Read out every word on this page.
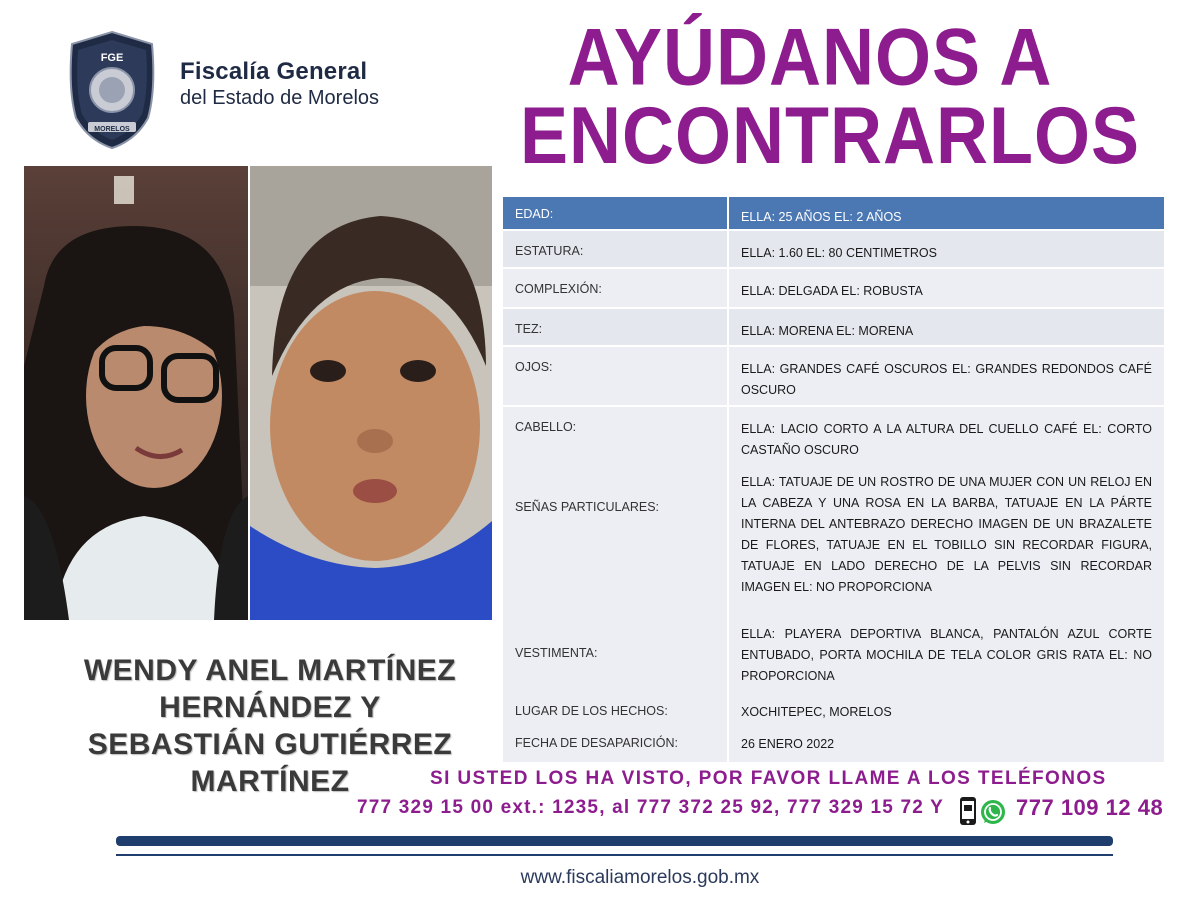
MORELOS
FGE Fiscalía General
del Estado de Morelos	AYÚDANOS A
ENCONTRARLOS
WENDY ANEL MARTÍNEZ
HERNÁNDEZ Y
SEBASTIÁN GUTIÉRREZ
MARTÍNEZ
EDAD:	ELLA: 25 AÑOS EL: 2 AÑOS
ESTATURA:	ELLA: 1.60 EL: 80 CENTIMETROS
COMPLEXIÓN:	ELLA: DELGADA EL: ROBUSTA
TEZ:	ELLA: MORENA EL: MORENA
OJOS:	ELLA: GRANDES CAFÉ OSCUROS EL: GRANDES REDONDOS CAFÉ OSCURO
CABELLO:	ELLA: LACIO CORTO A LA ALTURA DEL CUELLO CAFÉ EL: CORTO CASTAÑO OSCURO
SEÑAS PARTICULARES:	ELLA: TATUAJE DE UN ROSTRO DE UNA MUJER CON UN RELOJ EN LA CABEZA Y UNA ROSA EN LA BARBA, TATUAJE EN LA PÁRTE INTERNA DEL ANTEBRAZO DERECHO IMAGEN DE UN BRAZALETE DE FLORES, TATUAJE EN EL TOBILLO SIN RECORDAR FIGURA, TATUAJE EN LADO DERECHO DE LA PELVIS SIN RECORDAR IMAGEN EL: NO PROPORCIONA
VESTIMENTA:	ELLA: PLAYERA DEPORTIVA BLANCA, PANTALÓN AZUL CORTE ENTUBADO, PORTA MOCHILA DE TELA COLOR GRIS RATA EL: NO PROPORCIONA
LUGAR DE LOS HECHOS:	XOCHITEPEC, MORELOS
FECHA DE DESAPARICIÓN:	26 ENERO 2022
SI USTED LOS HA VISTO, POR FAVOR LLAME A LOS TELÉFONOS
777 329 15 00 ext.: 1235, al 777 372 25 92, 777 329 15 72 Y	777 109 12 48
www.fiscaliamorelos.gob.mx
